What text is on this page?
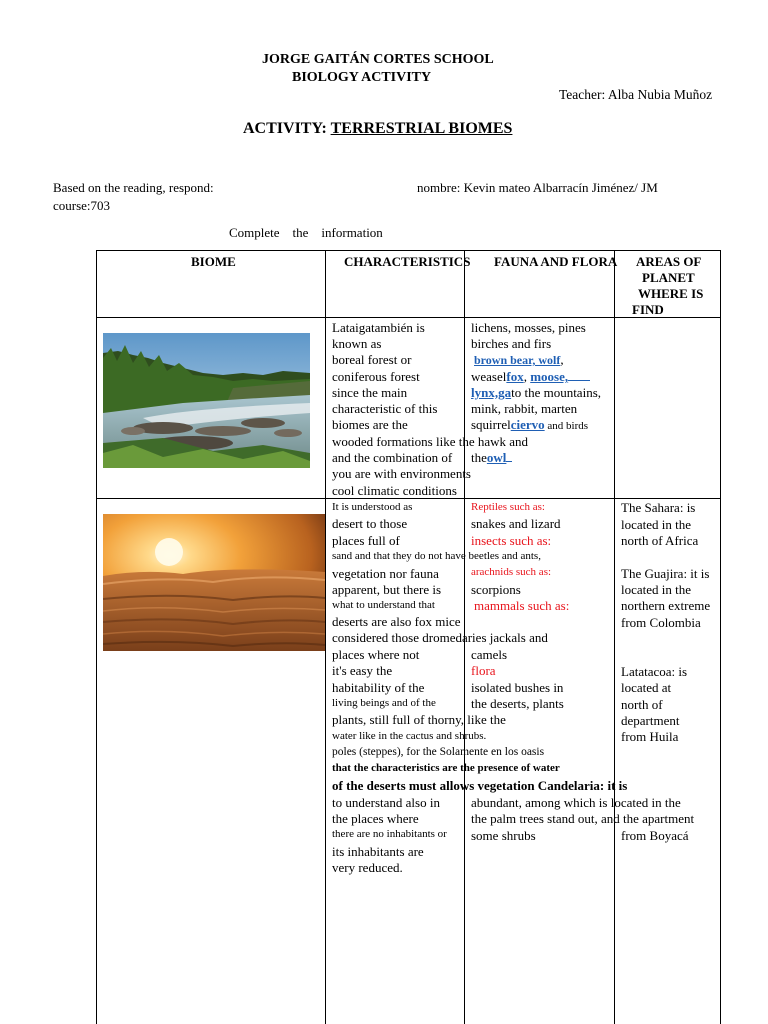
JORGE GAITÁN CORTES SCHOOL
BIOLOGY ACTIVITY
Teacher: Alba Nubia Muñoz
ACTIVITY: TERRESTRIAL BIOMES
Based on the reading, respond:	nombre: Kevin mateo Albarracín Jiménez/ JM
course:703
Complete    the    information
BIOME	CHARACTERISTICS FAUNA AND FLORA AREAS OF
PLANET
WHERE IS
FIND
Lataigatambién is
known as
boreal forest or
coniferous forest
since the main
characteristic of this
biomes are the
wooded formations like the hawk and
and the combination of
you are with environments
cool climatic conditions
lichens, mosses, pines
birches and firs
brown bear, wolf,
weaselfox, moose,
lynx,gato the mountains,
mink, rabbit, marten
squirrelciervo and birds
theowl
It is understood as
desert to those
places full of
sand and that they do not have beetles and ants,
vegetation nor fauna
apparent, but there is
what to understand that
deserts are also fox mice
considered those dromedaries jackals and
places where not
it's easy the
habitability of the
living beings and of the
plants, still full of thorny, like the
water like in the cactus and shrubs.
poles (steppes), for the Solamente en los oasis
that the characteristics are the presence of water
of the deserts must allows vegetation Candelaria: it is
to understand also in
the places where
there are no inhabitants or
its inhabitants are
very reduced.
Reptiles such as:
snakes and lizard
insects such as:
arachnids such as:
scorpions
mammals such as:
camels
flora
isolated bushes in
the deserts, plants
abundant, among which is located in the
the palm trees stand out, and the apartment
some shrubs
The Sahara: is
located in the
north of Africa
The Guajira: it is
located in the
northern extreme
from Colombia
Latatacoa: is
located at
north of
department
from Huila
from Boyacá
